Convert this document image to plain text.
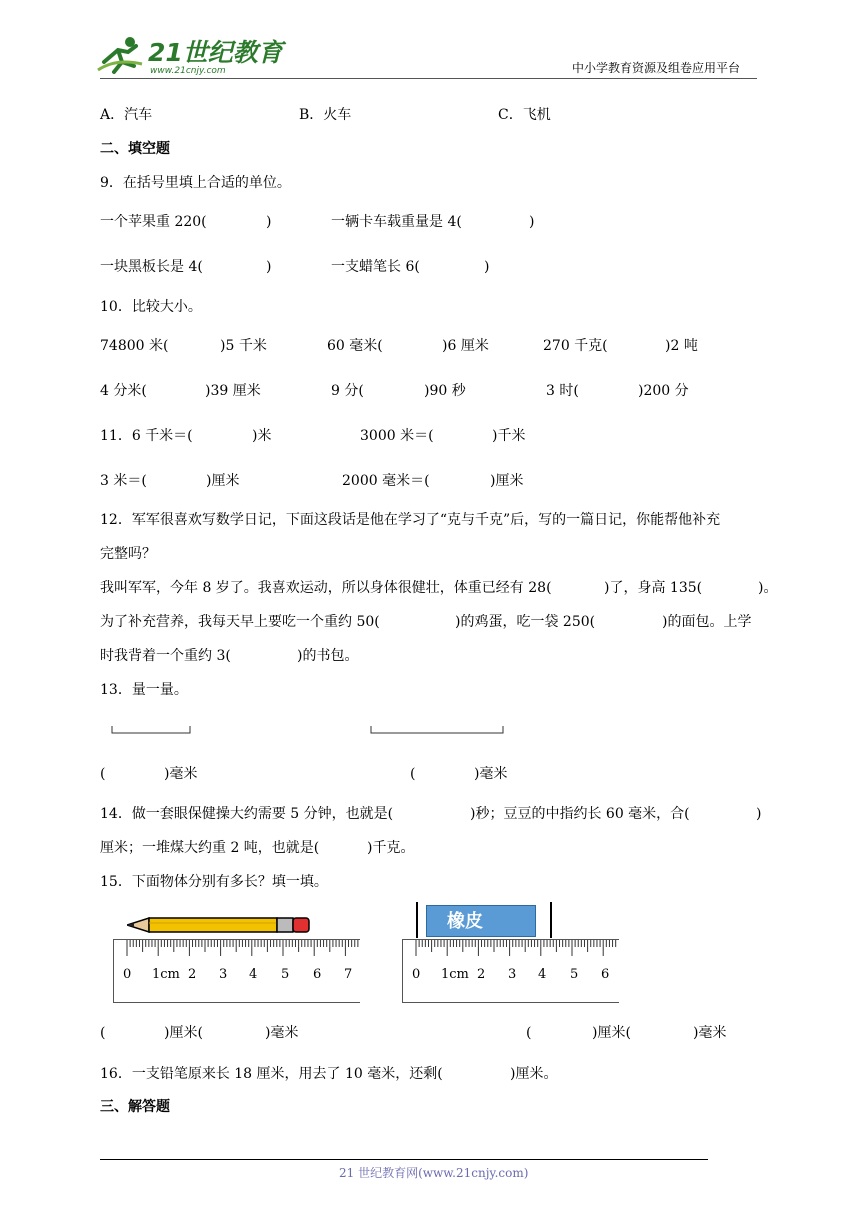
21世纪教育
www.21cnjy.com	中小学教育资源及组卷应用平台
A．汽车	B．火车	C．飞机
二、填空题
9．在括号里填上合适的单位。
一个苹果重 220(	)	一辆卡车载重量是 4(	)
一块黑板长是 4(	)	一支蜡笔长 6(	)
10．比较大小。
74800 米(	)5 千米	60 毫米(	)6 厘米	270 千克(	)2 吨
4 分米(	)39 厘米	9 分(	)90 秒	3 时(	)200 分
11．6 千米＝(	)米	3000 米＝(	)千米
3 米＝(	)厘米	2000 毫米＝(	)厘米
12．军军很喜欢写数学日记，下面这段话是他在学习了“克与千克”后，写的一篇日记，你能帮他补充
完整吗？
我叫军军，今年 8 岁了。我喜欢运动，所以身体很健壮，体重已经有 28(	)了，身高 135(	)。
为了补充营养，我每天早上要吃一个重约 50(	)的鸡蛋，吃一袋 250(	)的面包。上学
时我背着一个重约 3(	)的书包。
13．量一量。
(	)毫米	(	)毫米
14．做一套眼保健操大约需要 5 分钟，也就是(	)秒；豆豆的中指约长 60 毫米，合(	)
厘米；一堆煤大约重 2 吨，也就是(	)千克。
15．下面物体分别有多长？填一填。
0 1cm 2 3 4 5 6 7
橡皮
0 1cm 2 3 4 5 6
(	)厘米(	)毫米	(	)厘米(	)毫米
16．一支铅笔原来长 18 厘米，用去了 10 毫米，还剩(	)厘米。
三、解答题
21 世纪教育网(www.21cnjy.com)
